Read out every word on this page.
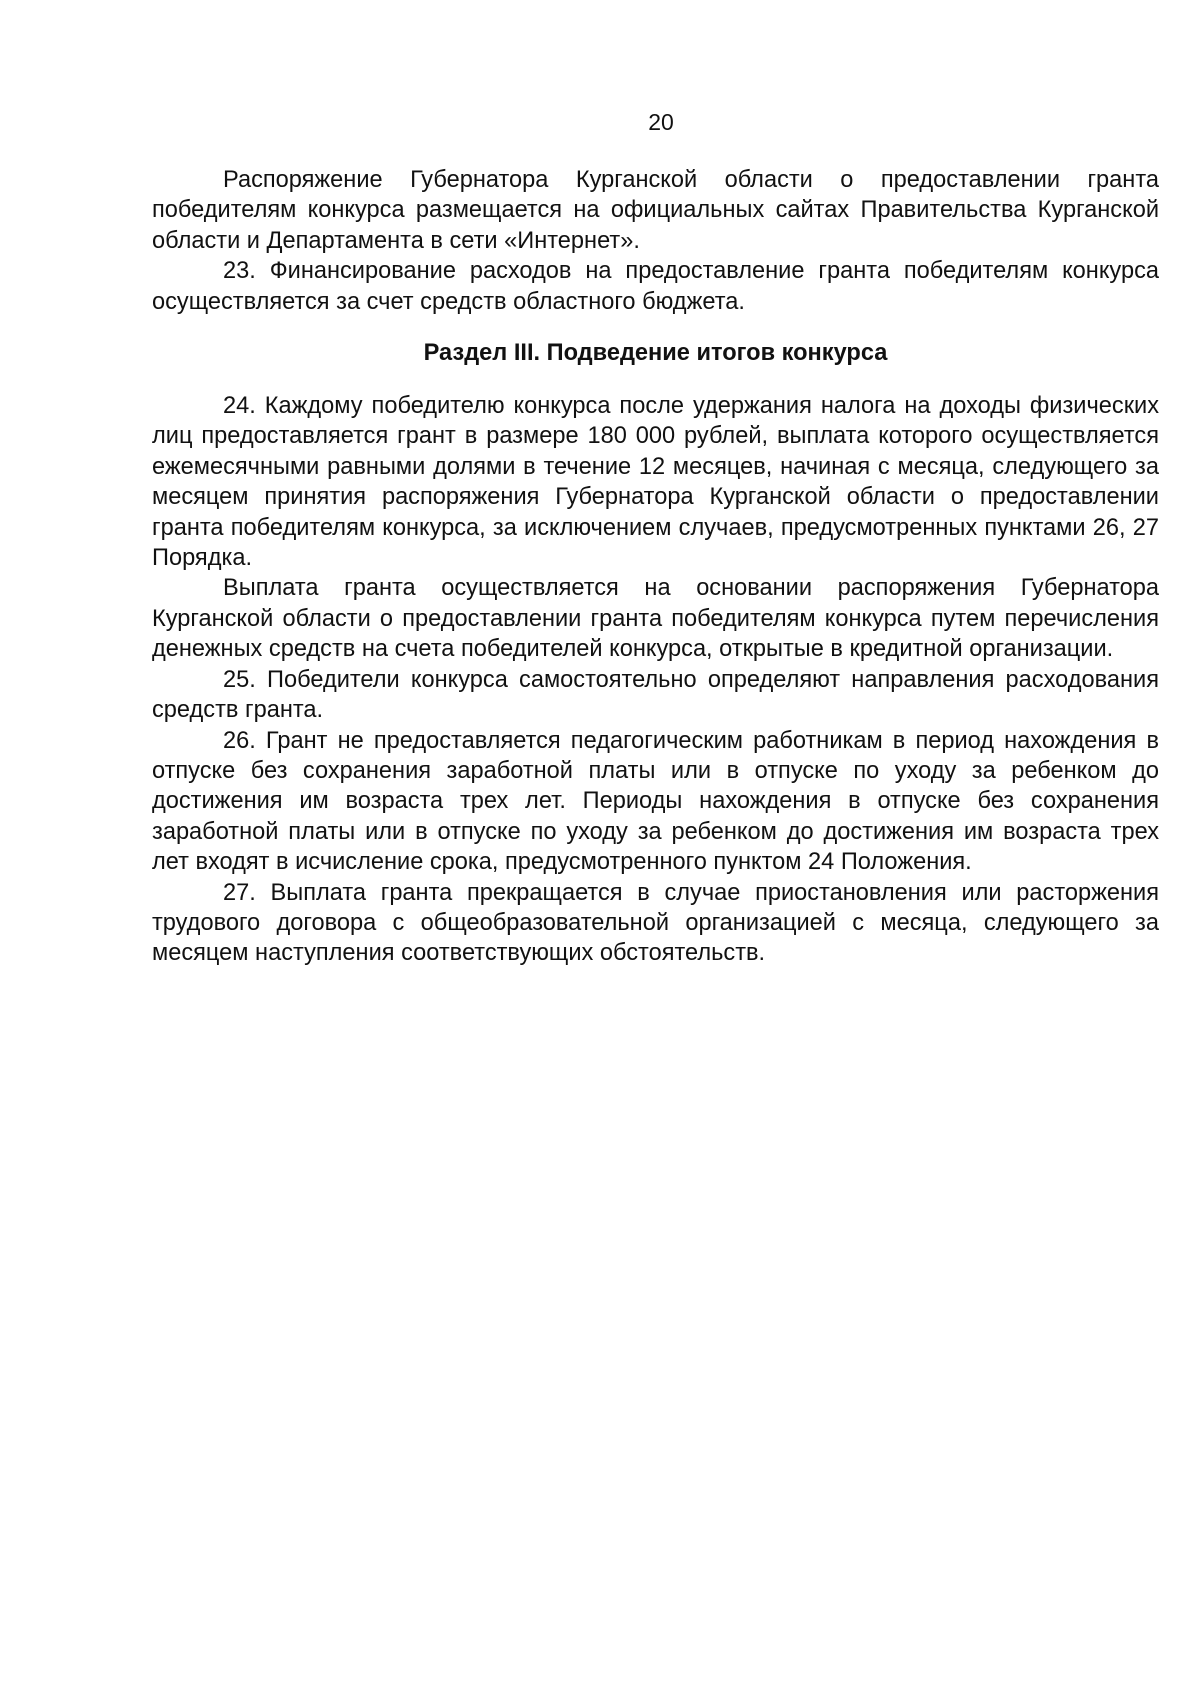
20

Распоряжение Губернатора Курганской области о предоставлении гранта победителям конкурса размещается на официальных сайтах Правительства Курганской области и Департамента в сети «Интернет».

23. Финансирование расходов на предоставление гранта победителям конкурса осуществляется за счет средств областного бюджета.

Раздел III. Подведение итогов конкурса

24. Каждому победителю конкурса после удержания налога на доходы физических лиц предоставляется грант в размере 180 000 рублей, выплата которого осуществляется ежемесячными равными долями в течение 12 месяцев, начиная с месяца, следующего за месяцем принятия распоряжения Губернатора Курганской области о предоставлении гранта победителям конкурса, за исключением случаев, предусмотренных пунктами 26, 27 Порядка.

Выплата гранта осуществляется на основании распоряжения Губернатора Курганской области о предоставлении гранта победителям конкурса путем перечисления денежных средств на счета победителей конкурса, открытые в кредитной организации.

25. Победители конкурса самостоятельно определяют направления расходования средств гранта.

26. Грант не предоставляется педагогическим работникам в период нахождения в отпуске без сохранения заработной платы или в отпуске по уходу за ребенком до достижения им возраста трех лет. Периоды нахождения в отпуске без сохранения заработной платы или в отпуске по уходу за ребенком до достижения им возраста трех лет входят в исчисление срока, предусмотренного пунктом 24 Положения.

27. Выплата гранта прекращается в случае приостановления или расторжения трудового договора с общеобразовательной организацией с месяца, следующего за месяцем наступления соответствующих обстоятельств.
